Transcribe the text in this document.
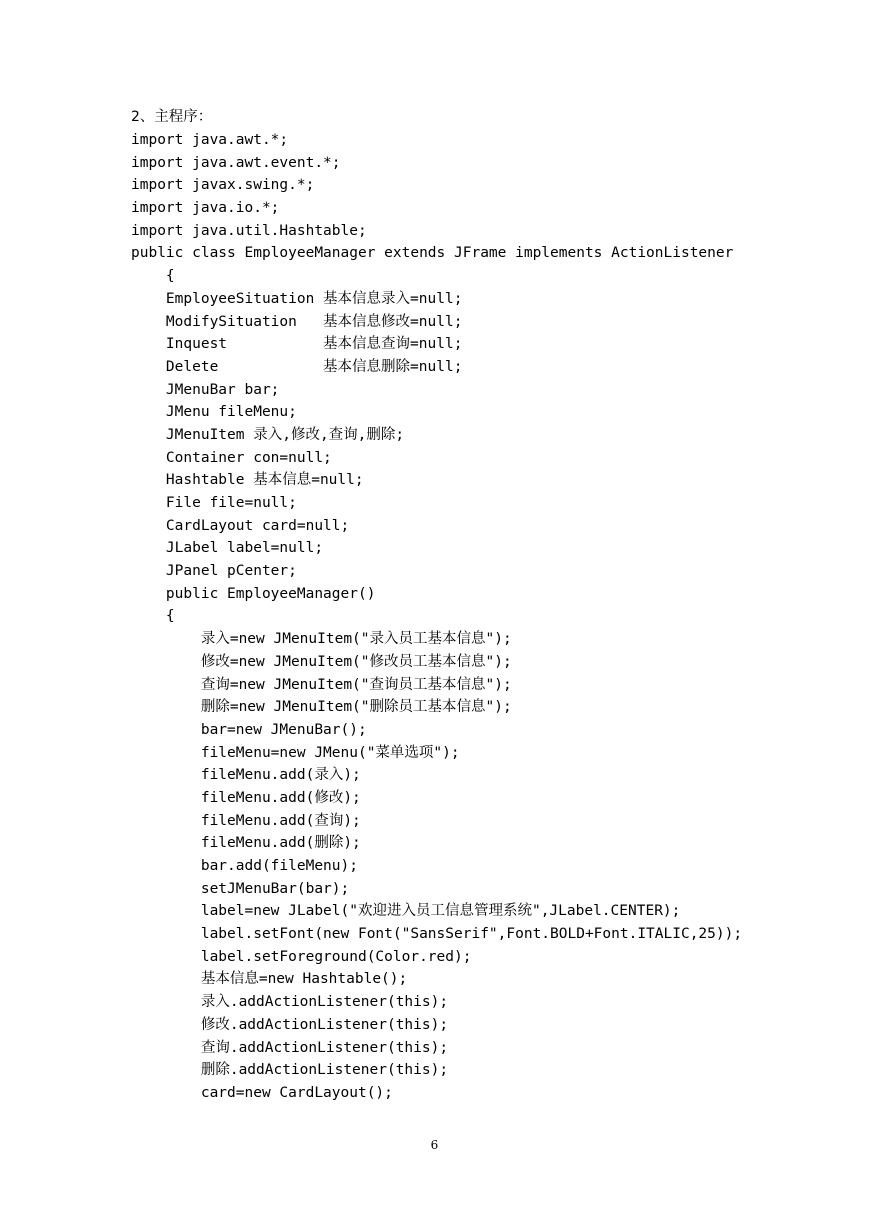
2、主程序：
import java.awt.*;
import java.awt.event.*;
import javax.swing.*;
import java.io.*;
import java.util.Hashtable;
public class EmployeeManager extends JFrame implements ActionListener
{
EmployeeSituation 基本信息录入=null;
ModifySituation   基本信息修改=null;
Inquest           基本信息查询=null;
Delete            基本信息删除=null;
JMenuBar bar;
JMenu fileMenu;
JMenuItem 录入,修改,查询,删除;
Container con=null;
Hashtable 基本信息=null;
File file=null;
CardLayout card=null;
JLabel label=null;
JPanel pCenter;
public EmployeeManager()
{
录入=new JMenuItem("录入员工基本信息");
修改=new JMenuItem("修改员工基本信息");
查询=new JMenuItem("查询员工基本信息");
删除=new JMenuItem("删除员工基本信息");
bar=new JMenuBar();
fileMenu=new JMenu("菜单选项");
fileMenu.add(录入);
fileMenu.add(修改);
fileMenu.add(查询);
fileMenu.add(删除);
bar.add(fileMenu);
setJMenuBar(bar);
label=new JLabel("欢迎进入员工信息管理系统",JLabel.CENTER);
label.setFont(new Font("SansSerif",Font.BOLD+Font.ITALIC,25));
label.setForeground(Color.red);
基本信息=new Hashtable();
录入.addActionListener(this);
修改.addActionListener(this);
查询.addActionListener(this);
删除.addActionListener(this);
card=new CardLayout();
6
